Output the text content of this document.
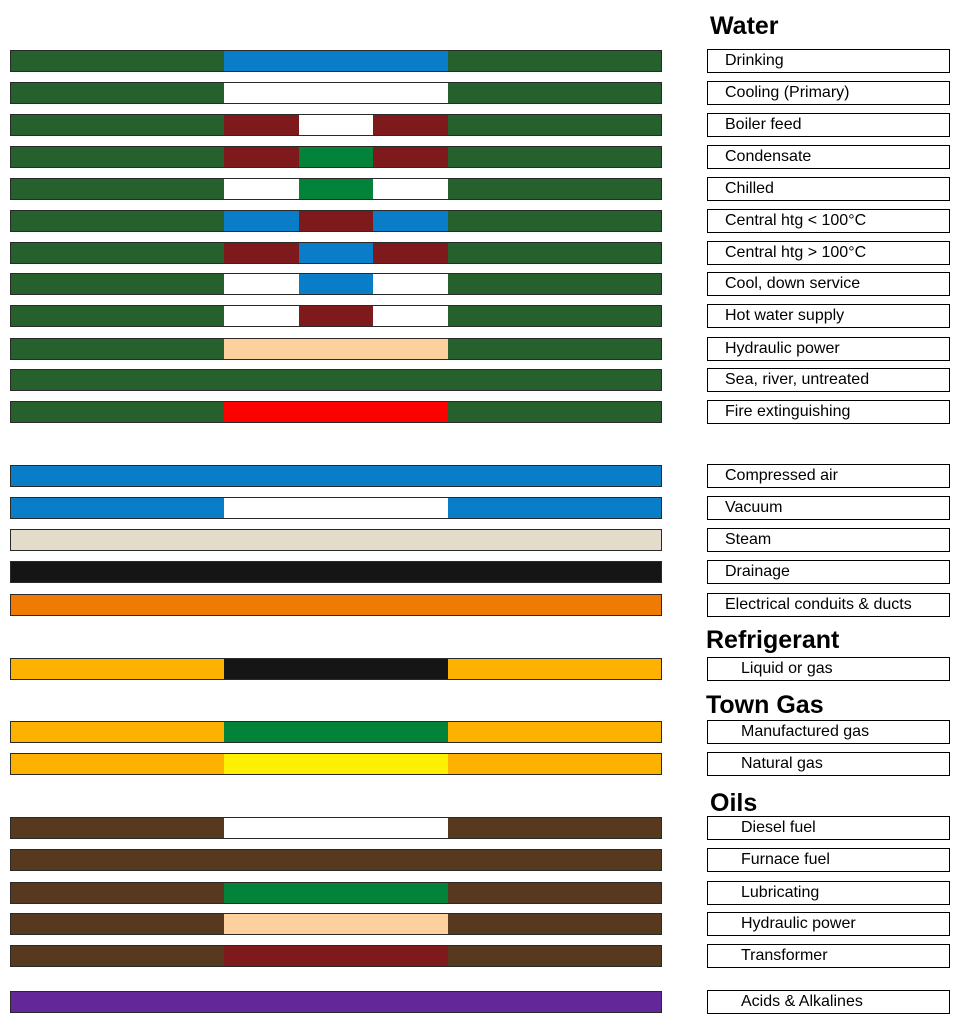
Water
Refrigerant
Town Gas
Oils
Drinking
Cooling (Primary)
Boiler feed
Condensate
Chilled
Central htg < 100°C
Central htg > 100°C
Cool, down service
Hot water supply
Hydraulic power
Sea, river, untreated
Fire extinguishing
Compressed air
Vacuum
Steam
Drainage
Electrical conduits & ducts
Liquid or gas
Manufactured gas
Natural gas
Diesel fuel
Furnace fuel
Lubricating
Hydraulic power
Transformer
Acids & Alkalines
